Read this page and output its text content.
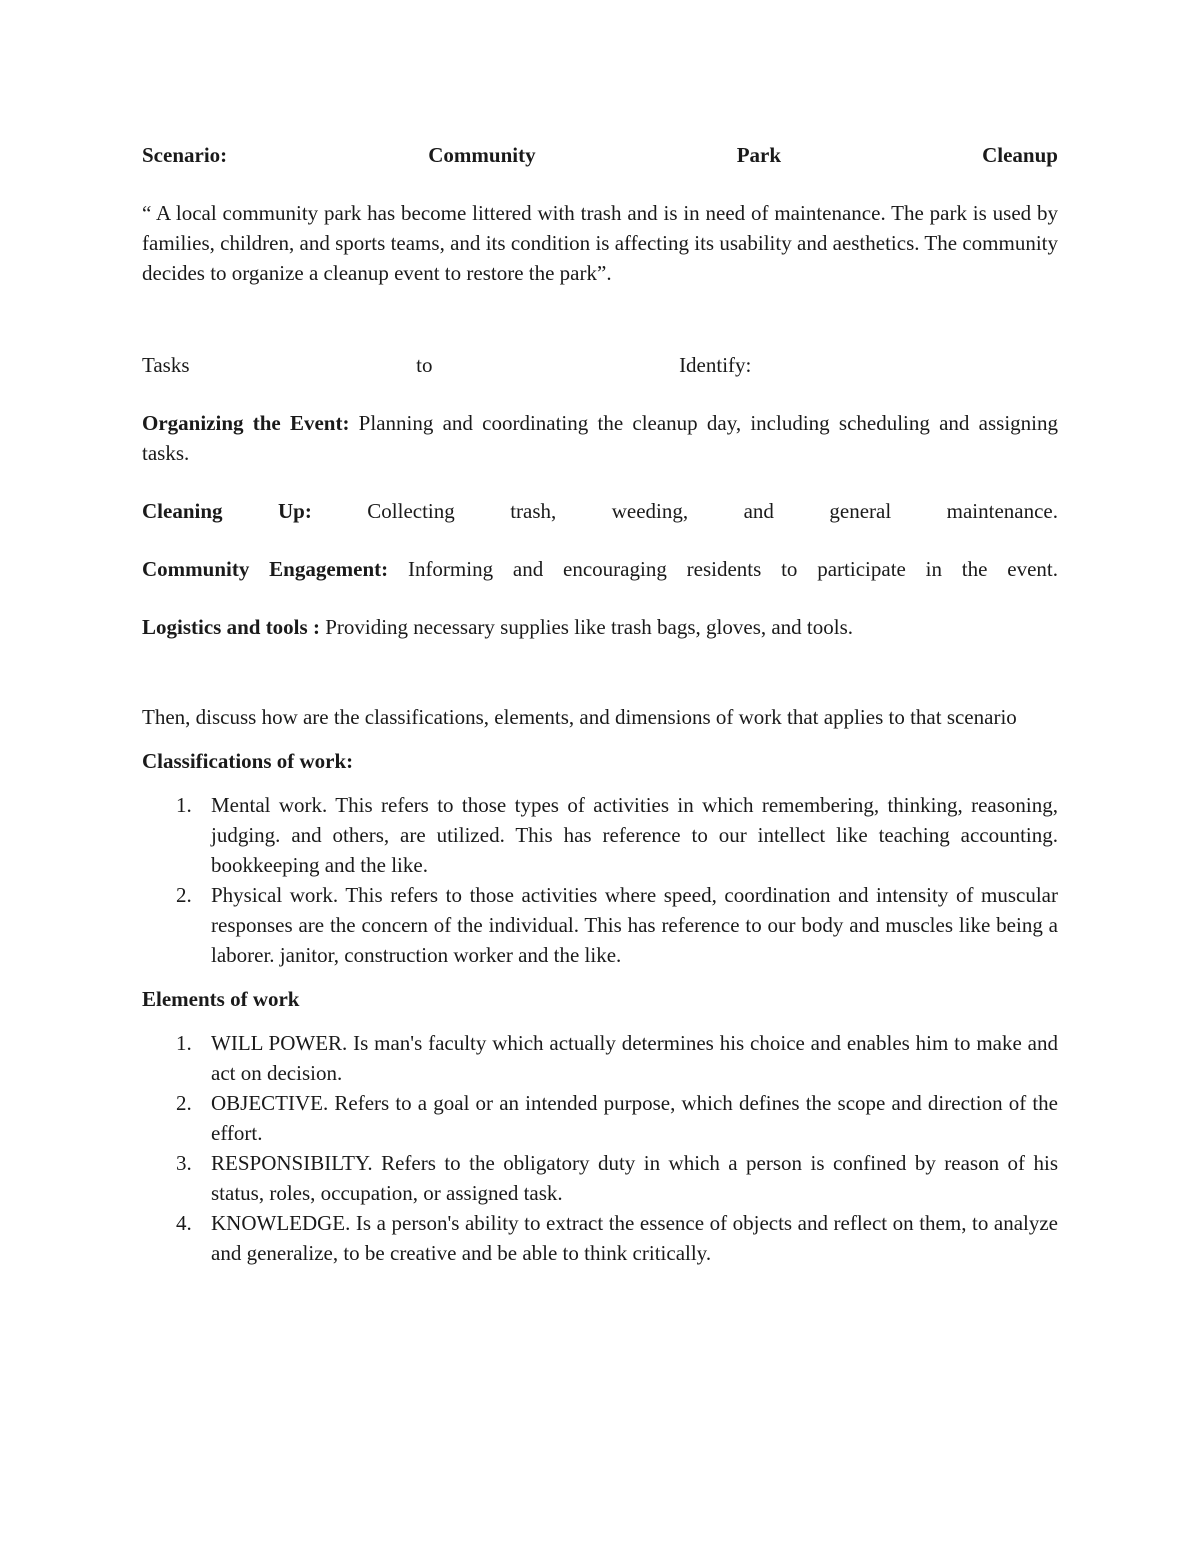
Scenario:	Community	Park	Cleanup

“ A local community park has become littered with trash and is in need of maintenance. The park is used by families, children, and sports teams, and its condition is affecting its usability and aesthetics. The community decides to organize a cleanup event to restore the park”.

Tasks	to	Identify:

Organizing the Event: Planning and coordinating the cleanup day, including scheduling and assigning tasks.

Cleaning Up: Collecting trash, weeding, and general maintenance.

Community Engagement: Informing and encouraging residents to participate in the event.

Logistics and tools : Providing necessary supplies like trash bags, gloves, and tools.

Then, discuss how are the classifications, elements, and dimensions of work that applies to that scenario

Classifications of work:
1. Mental work. This refers to those types of activities in which remembering, thinking, reasoning, judging. and others, are utilized. This has reference to our intellect like teaching accounting. bookkeeping and the like.
2. Physical work. This refers to those activities where speed, coordination and intensity of muscular responses are the concern of the individual. This has reference to our body and muscles like being a laborer. janitor, construction worker and the like.
Elements of work
1. WILL POWER. Is man's faculty which actually determines his choice and enables him to make and act on decision.
2. OBJECTIVE. Refers to a goal or an intended purpose, which defines the scope and direction of the effort.
3. RESPONSIBILTY. Refers to the obligatory duty in which a person is confined by reason of his status, roles, occupation, or assigned task.
4. KNOWLEDGE. Is a person's ability to extract the essence of objects and reflect on them, to analyze and generalize, to be creative and be able to think critically.
